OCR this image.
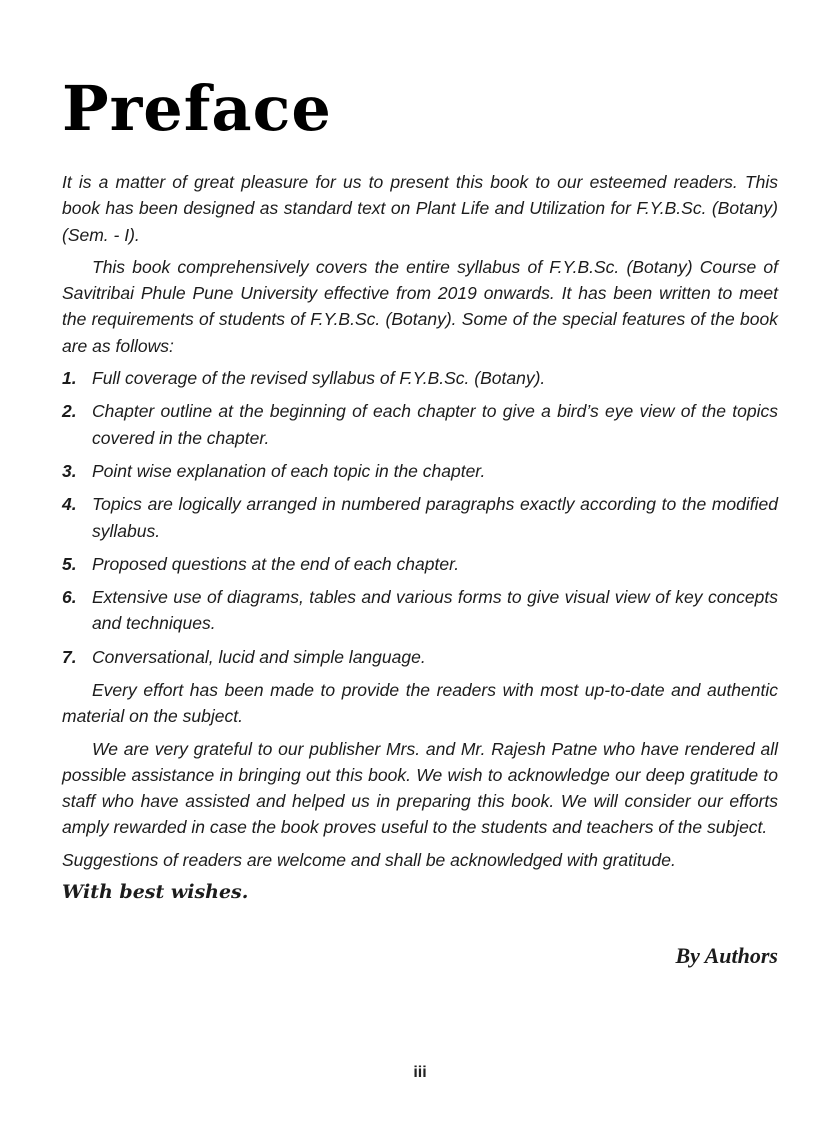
Preface

It is a matter of great pleasure for us to present this book to our esteemed readers. This book has been designed as standard text on Plant Life and Utilization for F.Y.B.Sc. (Botany) (Sem. - I).

This book comprehensively covers the entire syllabus of F.Y.B.Sc. (Botany) Course of Savitribai Phule Pune University effective from 2019 onwards. It has been written to meet the requirements of students of F.Y.B.Sc. (Botany). Some of the special features of the book are as follows:

1. Full coverage of the revised syllabus of F.Y.B.Sc. (Botany).
2. Chapter outline at the beginning of each chapter to give a bird’s eye view of the topics covered in the chapter.
3. Point wise explanation of each topic in the chapter.
4. Topics are logically arranged in numbered paragraphs exactly according to the modified syllabus.
5. Proposed questions at the end of each chapter.
6. Extensive use of diagrams, tables and various forms to give visual view of key concepts and techniques.
7. Conversational, lucid and simple language.

Every effort has been made to provide the readers with most up-to-date and authentic material on the subject.

We are very grateful to our publisher Mrs. and Mr. Rajesh Patne who have rendered all possible assistance in bringing out this book. We wish to acknowledge our deep gratitude to staff who have assisted and helped us in preparing this book. We will consider our efforts amply rewarded in case the book proves useful to the students and teachers of the subject.

Suggestions of readers are welcome and shall be acknowledged with gratitude.

With best wishes.

By Authors
iii
